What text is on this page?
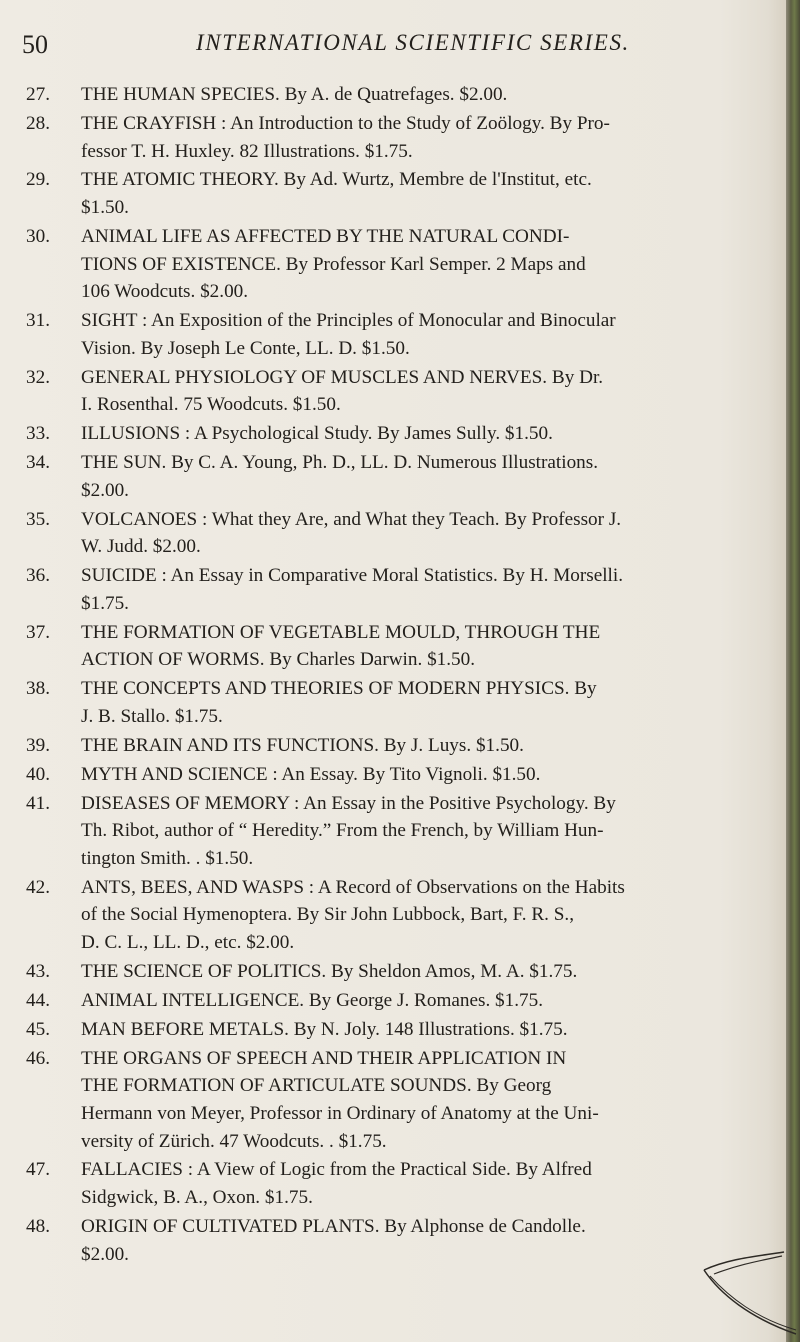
50	INTERNATIONAL SCIENTIFIC SERIES.
27. THE HUMAN SPECIES. By A. de Quatrefages. $2.00.
28. THE CRAYFISH : An Introduction to the Study of Zoölogy. By Pro-
fessor T. H. Huxley. 82 Illustrations. $1.75.
29. THE ATOMIC THEORY. By Ad. Wurtz, Membre de l'Institut, etc.
$1.50.
30. ANIMAL LIFE AS AFFECTED BY THE NATURAL CONDI-
TIONS OF EXISTENCE. By Professor Karl Semper. 2 Maps and
106 Woodcuts. $2.00.
31. SIGHT : An Exposition of the Principles of Monocular and Binocular
Vision. By Joseph Le Conte, LL. D. $1.50.
32. GENERAL PHYSIOLOGY OF MUSCLES AND NERVES. By Dr.
I. Rosenthal. 75 Woodcuts. $1.50.
33. ILLUSIONS : A Psychological Study. By James Sully. $1.50.
34. THE SUN. By C. A. Young, Ph. D., LL. D. Numerous Illustrations.
$2.00.
35. VOLCANOES : What they Are, and What they Teach. By Professor J.
W. Judd. $2.00.
36. SUICIDE : An Essay in Comparative Moral Statistics. By H. Morselli.
$1.75.
37. THE FORMATION OF VEGETABLE MOULD, THROUGH THE
ACTION OF WORMS. By Charles Darwin. $1.50.
38. THE CONCEPTS AND THEORIES OF MODERN PHYSICS. By
J. B. Stallo. $1.75.
39. THE BRAIN AND ITS FUNCTIONS. By J. Luys. $1.50.
40. MYTH AND SCIENCE : An Essay. By Tito Vignoli. $1.50.
41. DISEASES OF MEMORY : An Essay in the Positive Psychology. By
Th. Ribot, author of “ Heredity.” From the French, by William Hun-
tington Smith. . $1.50.
42. ANTS, BEES, AND WASPS : A Record of Observations on the Habits
of the Social Hymenoptera. By Sir John Lubbock, Bart, F. R. S.,
D. C. L., LL. D., etc. $2.00.
43. THE SCIENCE OF POLITICS. By Sheldon Amos, M. A. $1.75.
44. ANIMAL INTELLIGENCE. By George J. Romanes. $1.75.
45. MAN BEFORE METALS. By N. Joly. 148 Illustrations. $1.75.
46. THE ORGANS OF SPEECH AND THEIR APPLICATION IN
THE FORMATION OF ARTICULATE SOUNDS. By Georg
Hermann von Meyer, Professor in Ordinary of Anatomy at the Uni-
versity of Zürich. 47 Woodcuts. . $1.75.
47. FALLACIES : A View of Logic from the Practical Side. By Alfred
Sidgwick, B. A., Oxon. $1.75.
48. ORIGIN OF CULTIVATED PLANTS. By Alphonse de Candolle.
$2.00.
